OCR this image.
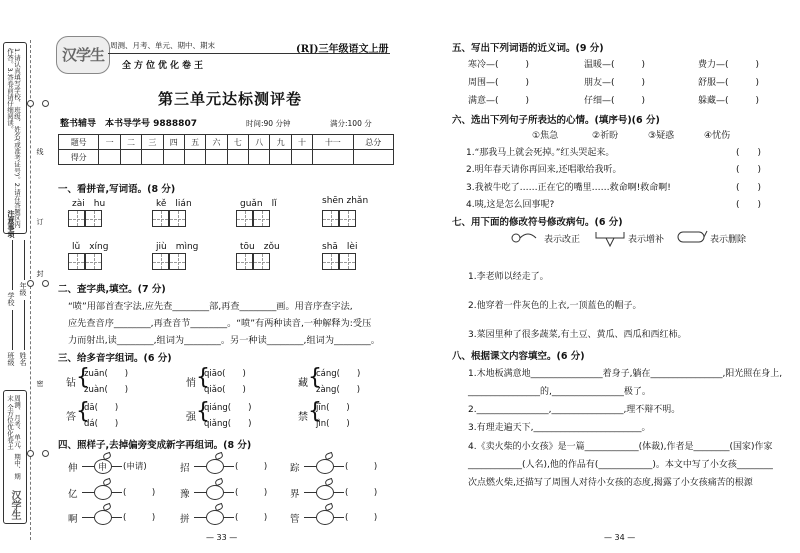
1.请认真填写学校、班级、姓名(或准考证号)。2.请在答题区内作答。3.答卷前请仔细阅读。
注意事项
线
订
封
密
学校
班级
年级
姓名
周测、月考、单元、期中、期末 全方位优化卷王
汉学生
汉学生
周测、月考、单元、期中、期末
全方位优化卷王
(RJ)三年级语文上册
第三单元达标测评卷
整书辅导　本书导学号 9888807	时间:90 分钟	满分:100 分
题号	一	二	三	四	五	六	七	八	九	十	十一	总分
得分												
一、看拼音,写词语。(8 分)
zài　hu	kě　lián	guǎn　lǐ	shēn zhǎn
lǔ　xíng	jiù　mìng	tōu　zǒu	shā　lèi
二、查字典,填空。(7 分)
“喷”用部首查字法,应先查________部,再查________画。用音序查字法,
应先查音序________,再查音节________。“喷”有两种读音,一种解释为:受压
力而射出,读________,组词为________。另一种读________,组词为________。
三、给多音字组词。(6 分)
钻 {
zuān(　　)
zuàn(　　)
悄 {
qiāo(　　)
qiǎo(　　)
藏 {
cáng(　　)
zàng(　　)
答 {
dā(　　)
dá(　　)
强 {
qiáng(　　)
qiǎng(　　)
禁 {
jīn(　　)
jìn(　　)
四、照样子,去掉偏旁变成新字再组词。(8 分)
伸 申 (申请)	招	(　　　) 踪	(　　　)
亿	(　　　)	豫	(　　　) 界	(　　　)
啊	(　　　)	拼	(　　　) 管	(　　　)
— 33 —
五、写出下列词语的近义词。(9 分)
寒冷—(　　　)	温暖—(　　　)	费力—(　　　)
周围—(　　　)	朋友—(　　　)	舒服—(　　　)
满意—(　　　)	仔细—(　　　)	躲藏—(　　　)
六、选出下列句子所表达的心情。(填序号)(6 分)
①焦急	②祈盼	③疑惑	④忧伤
1.“那我马上就会死掉。”红头哭起来。	(　　)
2.明年春天请你再回来,还唱歌给我听。	(　　)
3.我被牛吃了……正在它的嘴里……救命啊!救命啊!	(　　)
4.咦,这是怎么回事呢?	(　　)
七、用下面的修改符号修改病句。(6 分)
表示改正	表示增补	表示删除
1.李老师以经走了。
2.他穿着一件灰色的上衣,一顶蓝色的帽子。
3.菜园里种了很多蔬菜,有土豆、黄瓜、西瓜和西红柿。
八、根据课文内容填空。(6 分)
1.木地板满意地________________着身子,躺在________________,阳光照在身上,
________________的,________________极了。
2.________________,________________,理不辩不明。
3.有理走遍天下,________________________。
4.《卖火柴的小女孩》是一篇____________(体裁),作者是________(国家)作家
____________(人名),他的作品有(____________)。本文中写了小女孩________
次点燃火柴,还描写了周围人对待小女孩的态度,揭露了小女孩痛苦的根源
— 34 —
